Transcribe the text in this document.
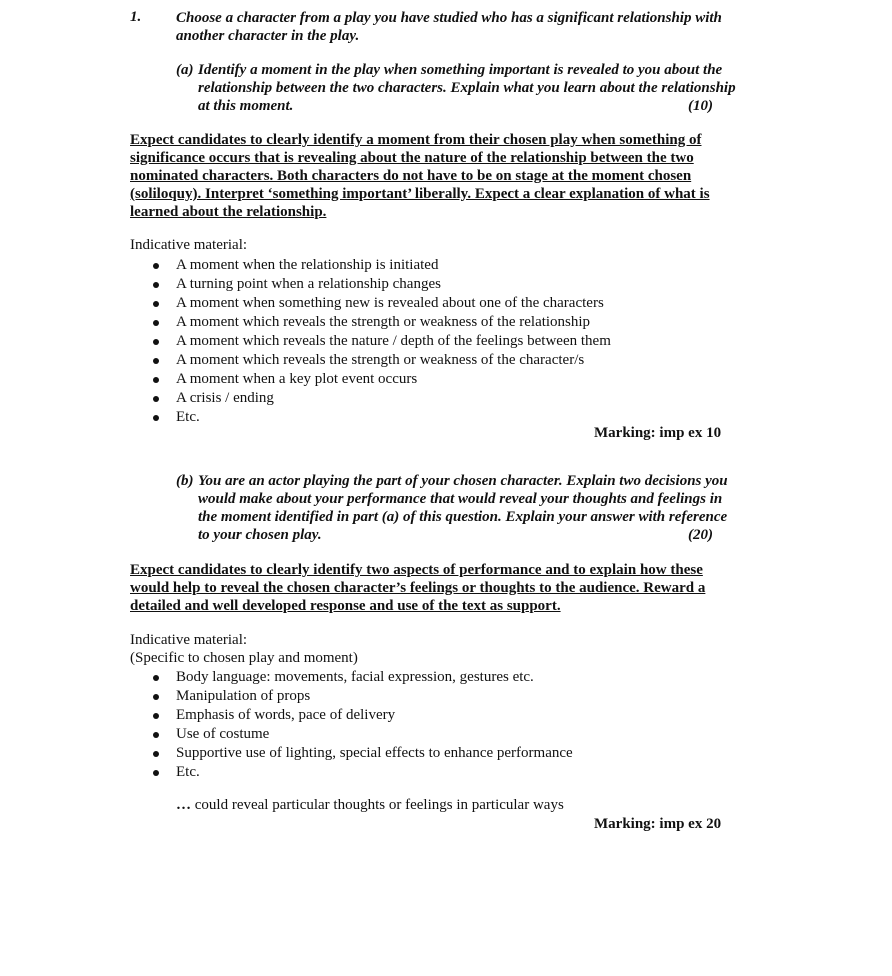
1. Choose a character from a play you have studied who has a significant relationship with
another character in the play.
(a) Identify a moment in the play when something important is revealed to you about the
relationship between the two characters. Explain what you learn about the relationship
at this moment.	(10)
Expect candidates to clearly identify a moment from their chosen play when something of
significance occurs that is revealing about the nature of the relationship between the two
nominated characters. Both characters do not have to be on stage at the moment chosen
(soliloquy). Interpret ‘something important’ liberally. Expect a clear explanation of what is
learned about the relationship.
Indicative material:
A moment when the relationship is initiated
A turning point when a relationship changes
A moment when something new is revealed about one of the characters
A moment which reveals the strength or weakness of the relationship
A moment which reveals the nature / depth of the feelings between them
A moment which reveals the strength or weakness of the character/s
A moment when a key plot event occurs
A crisis / ending
Etc.
Marking: imp ex 10
(b) You are an actor playing the part of your chosen character. Explain two decisions you
would make about your performance that would reveal your thoughts and feelings in
the moment identified in part (a) of this question. Explain your answer with reference
to your chosen play.	(20)
Expect candidates to clearly identify two aspects of performance and to explain how these
would help to reveal the chosen character’s feelings or thoughts to the audience. Reward a
detailed and well developed response and use of the text as support.
Indicative material:
(Specific to chosen play and moment)
Body language: movements, facial expression, gestures etc.
Manipulation of props
Emphasis of words, pace of delivery
Use of costume
Supportive use of lighting, special effects to enhance performance
Etc.
… could reveal particular thoughts or feelings in particular ways
Marking: imp ex 20
